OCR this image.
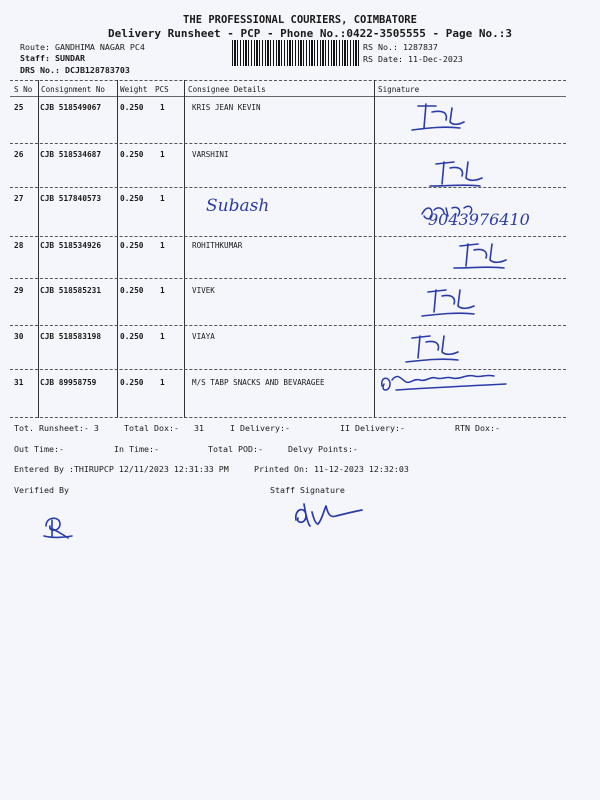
THE PROFESSIONAL COURIERS, COIMBATORE
Delivery Runsheet - PCP - Phone No.:0422-3505555 - Page No.:3
Route: GANDHIMA NAGAR PC4
Staff: SUNDAR
DRS No.: DCJB128783703
RS No.: 1287837
RS Date: 11-Dec-2023
S No Consignment No Weight PCS	Consignee Details	Signature
25 CJB 518549067 0.250 1	KRIS JEAN KEVIN
26 CJB 518534687 0.250 1	VARSHINI
27 CJB 517840573 0.250 1 Subash
28 CJB 518534926 0.250 1	ROHITHKUMAR
29 CJB 518585231 0.250 1	VIVEK
30 CJB 518583198 0.250 1	VIAYA
31 CJB 89958759	0.250 1	M/S TABP SNACKS AND BEVARAGEE
9043976410
Tot. Runsheet:- 3	Total Dox:- 31	I Delivery:-	II Delivery:-	RTN Dox:-
Out Time:-	In Time:-	Total POD:-	Delvy Points:-
Entered By :THIRUPCP 12/11/2023 12:31:33 PM	Printed On: 11-12-2023 12:32:03
Verified By	Staff Signature
